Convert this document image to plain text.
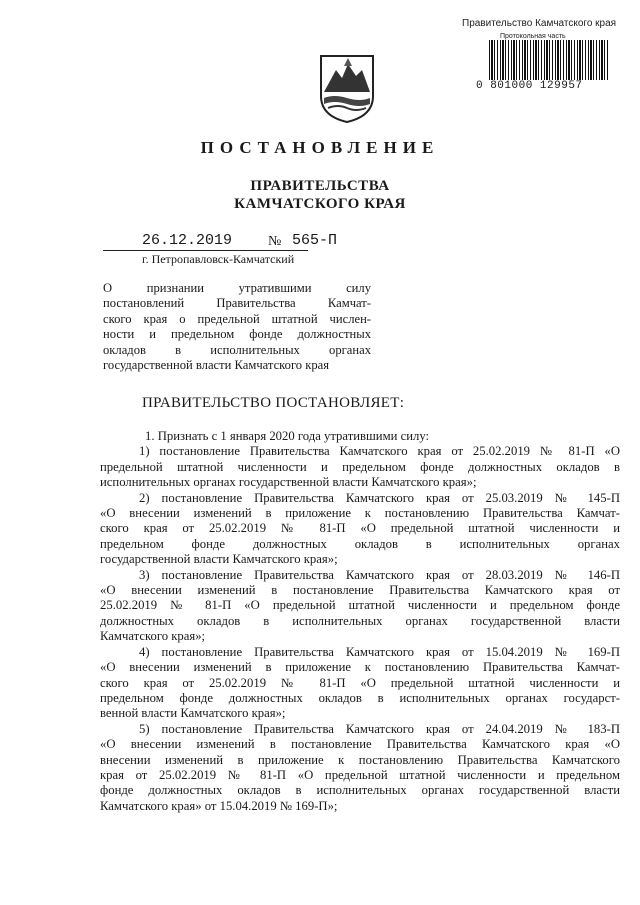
Правительство Камчатского края
Протокольная часть
0 801000 129957
ПОСТАНОВЛЕНИЕ
ПРАВИТЕЛЬСТВА
КАМЧАТСКОГО КРАЯ
26.12.2019	№ 565-П
г. Петропавловск-Камчатский
О признании утратившими силу
постановлений Правительства Камчат-
ского края о предельной штатной числен-
ности и предельном фонде должностных
окладов в исполнительных органах
государственной власти Камчатского края
ПРАВИТЕЛЬСТВО ПОСТАНОВЛЯЕТ:
1. Признать с 1 января 2020 года утратившими силу:
1) постановление Правительства Камчатского края от 25.02.2019 № 81-П «О
предельной штатной численности и предельном фонде должностных окладов в
исполнительных органах государственной власти Камчатского края»;
2) постановление Правительства Камчатского края от 25.03.2019 № 145-П
«О внесении изменений в приложение к постановлению Правительства Камчат-
ского края от 25.02.2019 № 81-П «О предельной штатной численности и
предельном фонде должностных окладов в исполнительных органах
государственной власти Камчатского края»;
3) постановление Правительства Камчатского края от 28.03.2019 № 146-П
«О внесении изменений в постановление Правительства Камчатского края от
25.02.2019 № 81-П «О предельной штатной численности и предельном фонде
должностных окладов в исполнительных органах государственной власти
Камчатского края»;
4) постановление Правительства Камчатского края от 15.04.2019 № 169-П
«О внесении изменений в приложение к постановлению Правительства Камчат-
ского края от 25.02.2019 № 81-П «О предельной штатной численности и
предельном фонде должностных окладов в исполнительных органах государст-
венной власти Камчатского края»;
5) постановление Правительства Камчатского края от 24.04.2019 № 183-П
«О внесении изменений в постановление Правительства Камчатского края «О
внесении изменений в приложение к постановлению Правительства Камчатского
края от 25.02.2019 № 81-П «О предельной штатной численности и предельном
фонде должностных окладов в исполнительных органах государственной власти
Камчатского края» от 15.04.2019 № 169-П»;
